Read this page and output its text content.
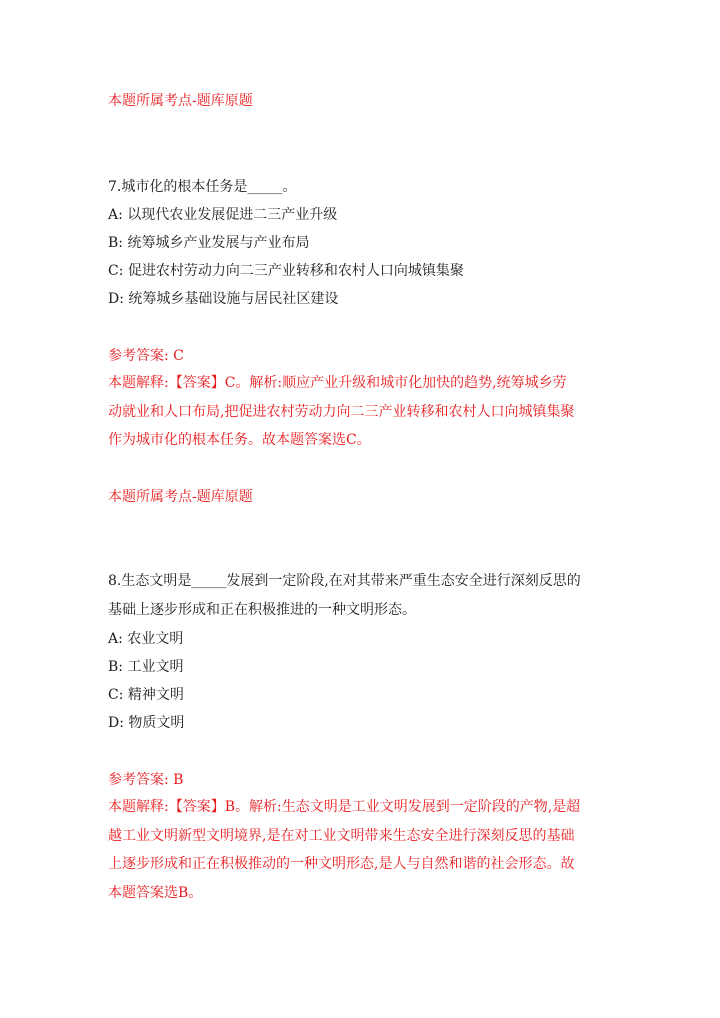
本题所属考点-题库原题
7.城市化的根本任务是_____。
A: 以现代农业发展促进二三产业升级
B: 统筹城乡产业发展与产业布局
C: 促进农村劳动力向二三产业转移和农村人口向城镇集聚
D: 统筹城乡基础设施与居民社区建设
参考答案: C
本题解释:【答案】C。解析:顺应产业升级和城市化加快的趋势,统筹城乡劳
动就业和人口布局,把促进农村劳动力向二三产业转移和农村人口向城镇集聚
作为城市化的根本任务。故本题答案选C。
本题所属考点-题库原题
8.生态文明是_____发展到一定阶段,在对其带来严重生态安全进行深刻反思的
基础上逐步形成和正在积极推进的一种文明形态。
A: 农业文明
B: 工业文明
C: 精神文明
D: 物质文明
参考答案: B
本题解释:【答案】B。解析:生态文明是工业文明发展到一定阶段的产物,是超
越工业文明新型文明境界,是在对工业文明带来生态安全进行深刻反思的基础
上逐步形成和正在积极推动的一种文明形态,是人与自然和谐的社会形态。故
本题答案选B。
